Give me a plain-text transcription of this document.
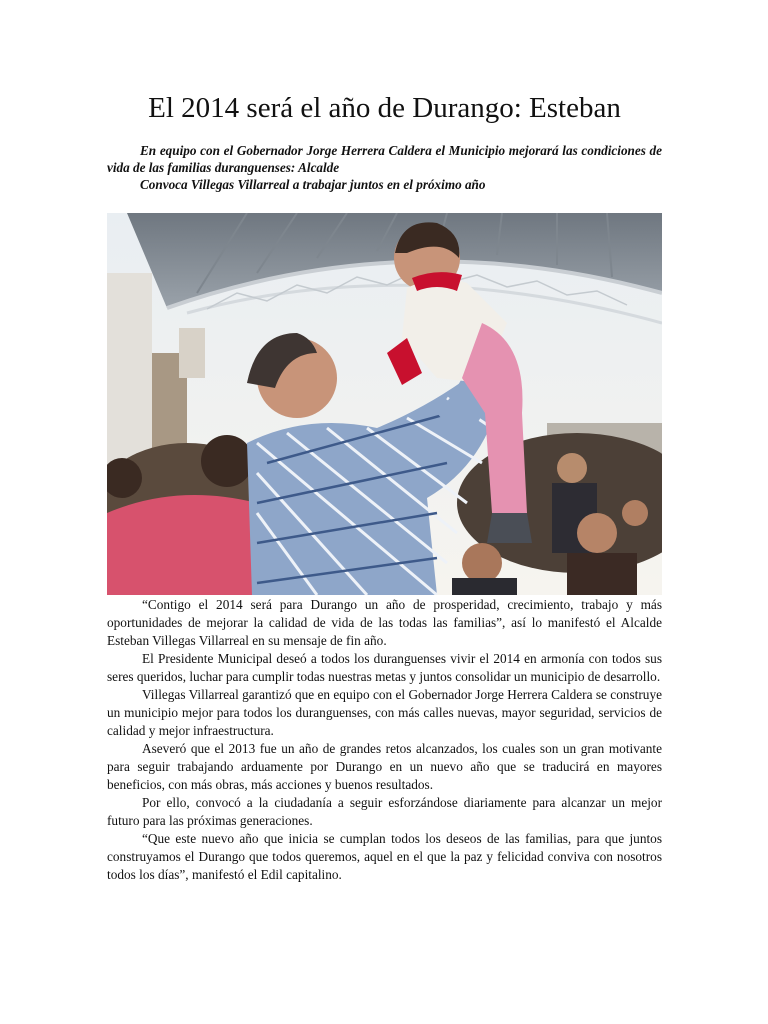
El 2014 será el año de Durango: Esteban

En equipo con el Gobernador Jorge Herrera Caldera el Municipio mejorará las condiciones de vida de las familias duranguenses: Alcalde

Convoca Villegas Villarreal a trabajar juntos en el próximo año

“Contigo el 2014 será para Durango un año de prosperidad, crecimiento, trabajo y más oportunidades de mejorar la calidad de vida de las todas las familias”, así lo manifestó el Alcalde Esteban Villegas Villarreal en su mensaje de fin año.

El Presidente Municipal deseó a todos los duranguenses vivir el 2014 en armonía con todos sus seres queridos, luchar para cumplir todas nuestras metas y juntos consolidar un municipio de desarrollo.

Villegas Villarreal garantizó que en equipo con el Gobernador Jorge Herrera Caldera se construye un municipio mejor para todos los duranguenses, con más calles nuevas, mayor seguridad, servicios de calidad y mejor infraestructura.

Aseveró que el 2013 fue un año de grandes retos alcanzados, los cuales son un gran motivante para seguir trabajando arduamente por Durango en un nuevo año que se traducirá en mayores beneficios, con más obras, más acciones y buenos resultados.

Por ello, convocó a la ciudadanía a seguir esforzándose diariamente para alcanzar un mejor futuro para las próximas generaciones.

“Que este nuevo año que inicia se cumplan todos los deseos de las familias, para que juntos construyamos el Durango que todos queremos, aquel en el que la paz y felicidad conviva con nosotros todos los días”, manifestó el Edil capitalino.
